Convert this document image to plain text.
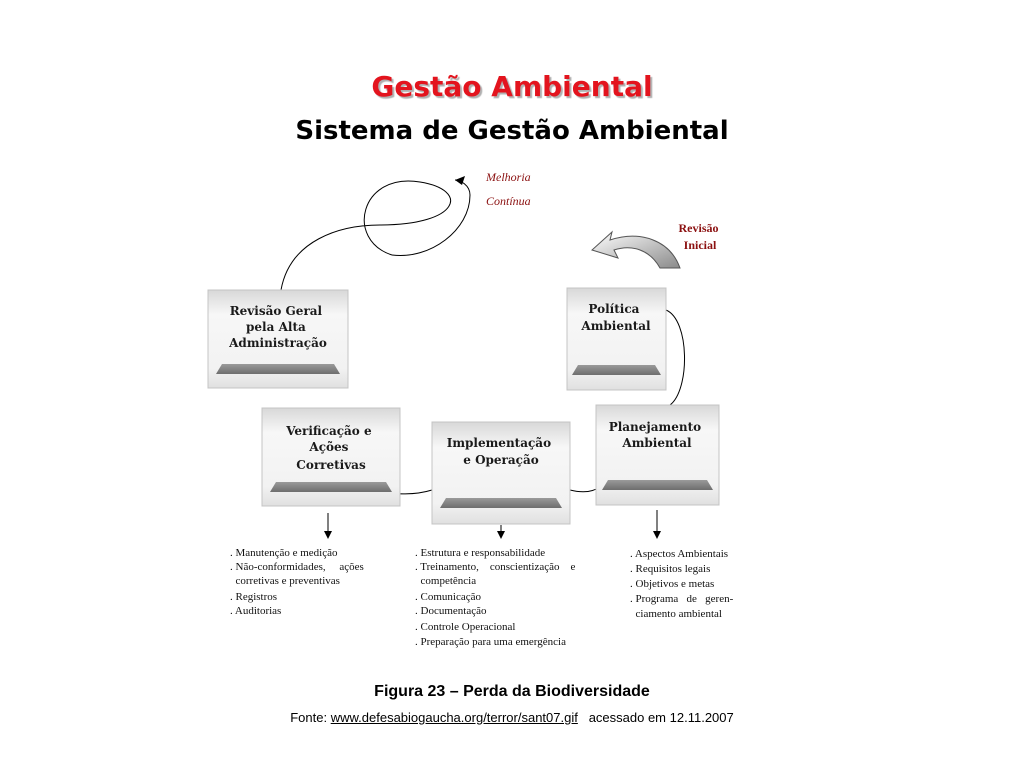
Gestão Ambiental
Sistema de Gestão Ambiental
Revisão Inicial
Melhoria Contínua
Revisão Geral pela Alta Administração
Política Ambiental
Verificação e Ações Corretivas
Implementação e Operação
Planejamento Ambiental
. Manutenção e medição . Não-conformidades,     ações       corretivas e preventivas . Registros . Auditorias
. Estrutura e responsabilidade . Treinamento,    conscientização    e       competência . Comunicação . Documentação . Controle Operacional . Preparação para uma emergência
. Aspectos Ambientais . Requisitos legais . Objetivos e metas . Programa   de   geren-       ciamento ambiental

Figura 23 – Perda da Biodiversidade

Fonte: www.defesabiogaucha.org/terror/sant07.gif   acessado em 12.11.2007
